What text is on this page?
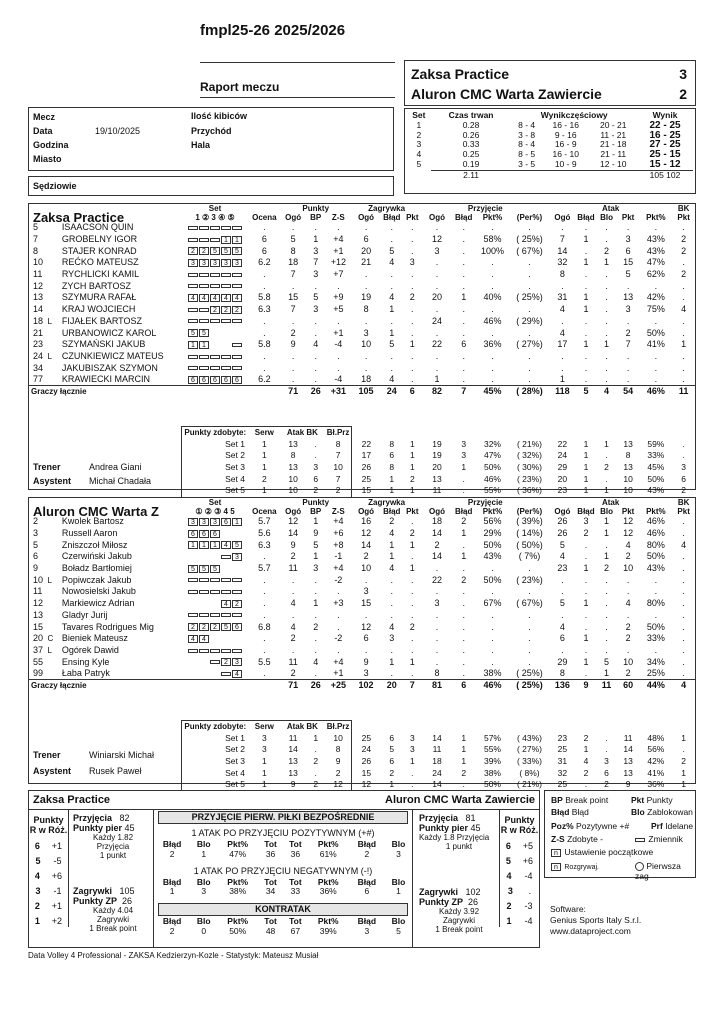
fmpl25-26 2025/2026
Raport meczu
Mecz
Data	19/10/2025
Godzina
Miasto
Ilość kibiców
Przychód
Hala
Sędziowie
Zaksa Practice	3
Aluron CMC Warta Zawiercie	2
Set	Czas trwan	Wynikczęściowy			Wynik
1	0.28	8 - 4	16 - 16	20 - 21	22 - 25
2	0.26	3 - 8	9 - 16	11 - 21	16 - 25
3	0.33	8 - 4	16 - 9	21 - 18	27 - 25
4	0.25	8 - 5	16 - 10	21 - 11	25 - 15
5	0.19	3 - 5	10 - 9	12 - 10	15 - 12
	2.11				105 102
Zaksa Practice			Set		Punkty			Zagrywka			Przyjęcie				Atak					BK
			1 ② 3 ④ ⑤	Ocena	Ogó	BP	Z-S	Ogó	Błąd	Pkt	Ogó	Błąd	Pkt%	(Per%)	Ogó	Błąd	Blo	Pkt	Pkt%	Pkt
5		ISAACSON QUIN		.	.	.	.	.	.	.	.	.	.	.	.	.	.	.	.	.
7		GROBELNY IGOR	1 1	6	5	1	+4	6	.	.	12	.	58%	( 25%)	7	1	.	3	43%	2
8		STAJER KONRAD	2 2 5 5 5	6	8	3	+1	20	5	.	3	.	100%	( 67%)	14	.	2	6	43%	2
10		REĆKO MATEUSZ	3 3 3 3 3	6.2	18	7	+12	21	4	3	.	.	.	.	32	1	1	15	47%	.
11		RYCHLICKI KAMIL		.	7	3	+7	.	.	.	.	.	.	.	8	.	.	5	62%	2
12		ZYCH BARTOSZ		.	.	.	.	.	.	.	.	.	.	.	.	.	.	.	.	.
13		SZYMURA RAFAŁ	4 4 4 4 4	5.8	15	5	+9	19	4	2	20	1	40%	( 25%)	31	1	.	13	42%	.
14		KRAJ WOJCIECH	2 2 2	6.3	7	3	+5	8	1	.	.	.	.	.	4	1	.	3	75%	4
18	L	FIJAŁEK BARTOSZ		.	.	.	.	.	.	.	24	.	46%	( 29%)	.	.	.	.	.	.
21		URBANOWICZ KAROL	5 5	.	2	.	+1	3	1	.	.	.	.	.	4	.	.	2	50%	.
23		SZYMAŃSKI JAKUB	1 1	5.8	9	4	-4	10	5	1	22	6	36%	( 27%)	17	1	1	7	41%	1
24	L	CZUNKIEWICZ MATEUS		.	.	.	.	.	.	.	.	.	.	.	.	.	.	.	.	.
34		JAKUBISZAK SZYMON		.	.	.	.	.	.	.	.	.	.	.	.	.	.	.	.	.
77		KRAWIECKI MARCIN	6 6 6 6 6	6.2	.	.	-4	18	4	.	1	.	.	.	1	.	.	.	.	.
Graczy łącznie					71	26	+31	105	24	6	82	7	45%	( 28%)	118	5	4	54	46%	11
	Punkty zdobyte:	Serw	Atak BK		Bł.Prz													
	Set 1	1	13	.	8	22	8	1	19	3	32%	( 21%)	22	1	1	13	59%	.
	Set 2	1	8	.	7	17	6	1	19	3	47%	( 32%)	24	1	.	8	33%	.
	Set 3	1	13	3	10	26	8	1	20	1	50%	( 30%)	29	1	2	13	45%	3
	Set 4	2	10	6	7	25	1	2	13	.	46%	( 23%)	20	1	.	10	50%	6
	Set 5	1	10	2	2	15	1	1	11	.	55%	( 36%)	23	1	1	10	43%	2
Trener	Andrea Giani
Asystent Michał Chadała
Aluron CMC Warta Z			Set		Punkty			Zagrywka			Przyjęcie				Atak					BK
			① ② ③ 4 5	Ocena	Ogó	BP	Z-S	Ogó	Błąd	Pkt	Ogó	Błąd	Pkt%	(Per%)	Ogó	Błąd	Blo	Pkt	Pkt%	Pkt
2		Kwolek Bartosz	3 3 3 6 1	5.7	12	1	+4	16	2	.	18	2	56%	( 39%)	26	3	1	12	46%	.
3		Russell Aaron	6 6 6	5.6	14	9	+6	12	4	2	14	1	29%	( 14%)	26	2	1	12	46%	.
5		Zniszczoł Miłosz	1 1 1 4 5	6.3	9	5	+8	14	1	1	2	.	50%	( 50%)	5	.	.	4	80%	4
6		Czerwiński Jakub	3	.	2	1	-1	2	1	.	14	1	43%	( 7%)	4	.	1	2	50%	.
9		Boładz Bartłomiej	5 5 5	5.7	11	3	+4	10	4	1	.	.	.	.	23	1	2	10	43%	.
10	L	Popiwczak Jakub		.	.	.	-2	.	.	.	22	2	50%	( 23%)	.	.	.	.	.	.
11		Nowosielski Jakub		.	.	.	.	3	.	.	.	.	.	.	.	.	.	.	.	.
12		Markiewicz Adrian	4 2	.	4	1	+3	15	.	.	3	.	67%	( 67%)	5	1	.	4	80%	.
13		Gladyr Jurij		.	.	.	.	.	.	.	.	.	.	.	.	.	.	.	.	.
15		Tavares Rodrigues Mig	2 2 2 5 6	6.8	4	2	.	12	4	2	.	.	.	.	4	.	.	2	50%	.
20	C	Bieniek Mateusz	4 4	.	2	.	-2	6	3	.	.	.	.	.	6	1	.	2	33%	.
37	L	Ogórek Dawid		.	.	.	.	.	.	.	.	.	.	.	.	.	.	.	.	.
55		Ensing Kyle	2 3	5.5	11	4	+4	9	1	1	.	.	.	.	29	1	5	10	34%	.
99		Łaba Patryk	4	.	2	.	+1	3	.	.	8	.	38%	( 25%)	8	.	1	2	25%	.
Graczy łącznie					71	26	+25	102	20	7	81	6	46%	( 25%)	136	9	11	60	44%	4
	Punkty zdobyte:	Serw	Atak BK		Bł.Prz													
	Set 1	3	11	1	10	25	6	3	14	1	57%	( 43%)	23	2	.	11	48%	1
	Set 2	3	14	.	8	24	5	3	11	1	55%	( 27%)	25	1	.	14	56%	.
	Set 3	1	13	2	9	26	6	1	18	1	39%	( 33%)	31	4	3	13	42%	2
	Set 4	1	13	.	2	15	2	.	24	2	38%	( 8%)	32	2	6	13	41%	1
	Set 5	1	9	2	12	12	1	.	14	.	50%	( 21%)	25	.	2	9	36%	1
Trener	Winiarski Michał
Asystent Rusek Paweł
Zaksa Practice	Aluron CMC Warta Zawiercie
Punkty
R w Róż.
6 +1
5 -5
4 +6
3 -1
2 +1
1 +2
Przyjęcia 82
Punkty pier 45
Każdy 1.82
Przyjęcia
1 punkt
Zagrywki 105
Punkty ZP 26
Każdy 4.04
Zagrywki
1 Break point
PRZYJĘCIE PIERW. PIŁKI BEZPOŚREDNIE
1 ATAK PO PRZYJĘCIU POZYTYWNYM (+#)
Błąd	Blo	Pkt%	Tot	Tot	Pkt%	Błąd	Blo
2	1	47%	36	36	61%	2	3
1 ATAK PO PRZYJĘCIU NEGATYWNYM (-!)
Błąd	Blo	Pkt%	Tot	Tot	Pkt%	Błąd	Blo
1	3	38%	34	33	36%	6	1
KONTRATAK
Błąd	Blo	Pkt%	Tot	Tot	Pkt%	Błąd	Blo
2	0	50%	48	67	39%	3	5
Przyjęcia 81
Punkty pier 45
Każdy 1.8 Przyjęcia
1 punkt
Zagrywki 102
Punkty ZP 26
Każdy 3.92
Zagrywki
1 Break point
Punkty
R w Róż.
6 +5
5 +6
4 -4
3 .
2 -3
1 -4
BP Break point	Pkt Punkty
Błąd Błąd	Blo Zablokowan
Poz% Pozytywne +#	Prf Idelane
Z-S Zdobyte -	Zmiennik
n Ustawienie początkowe
n Rozgrywaj.	Pierwsza zag
Software:
Genius Sports Italy S.r.l.
www.dataproject.com
Data Volley 4 Professional - ZAKSA Kedzierzyn-Kozle - Statystyk: Mateusz Musiał
